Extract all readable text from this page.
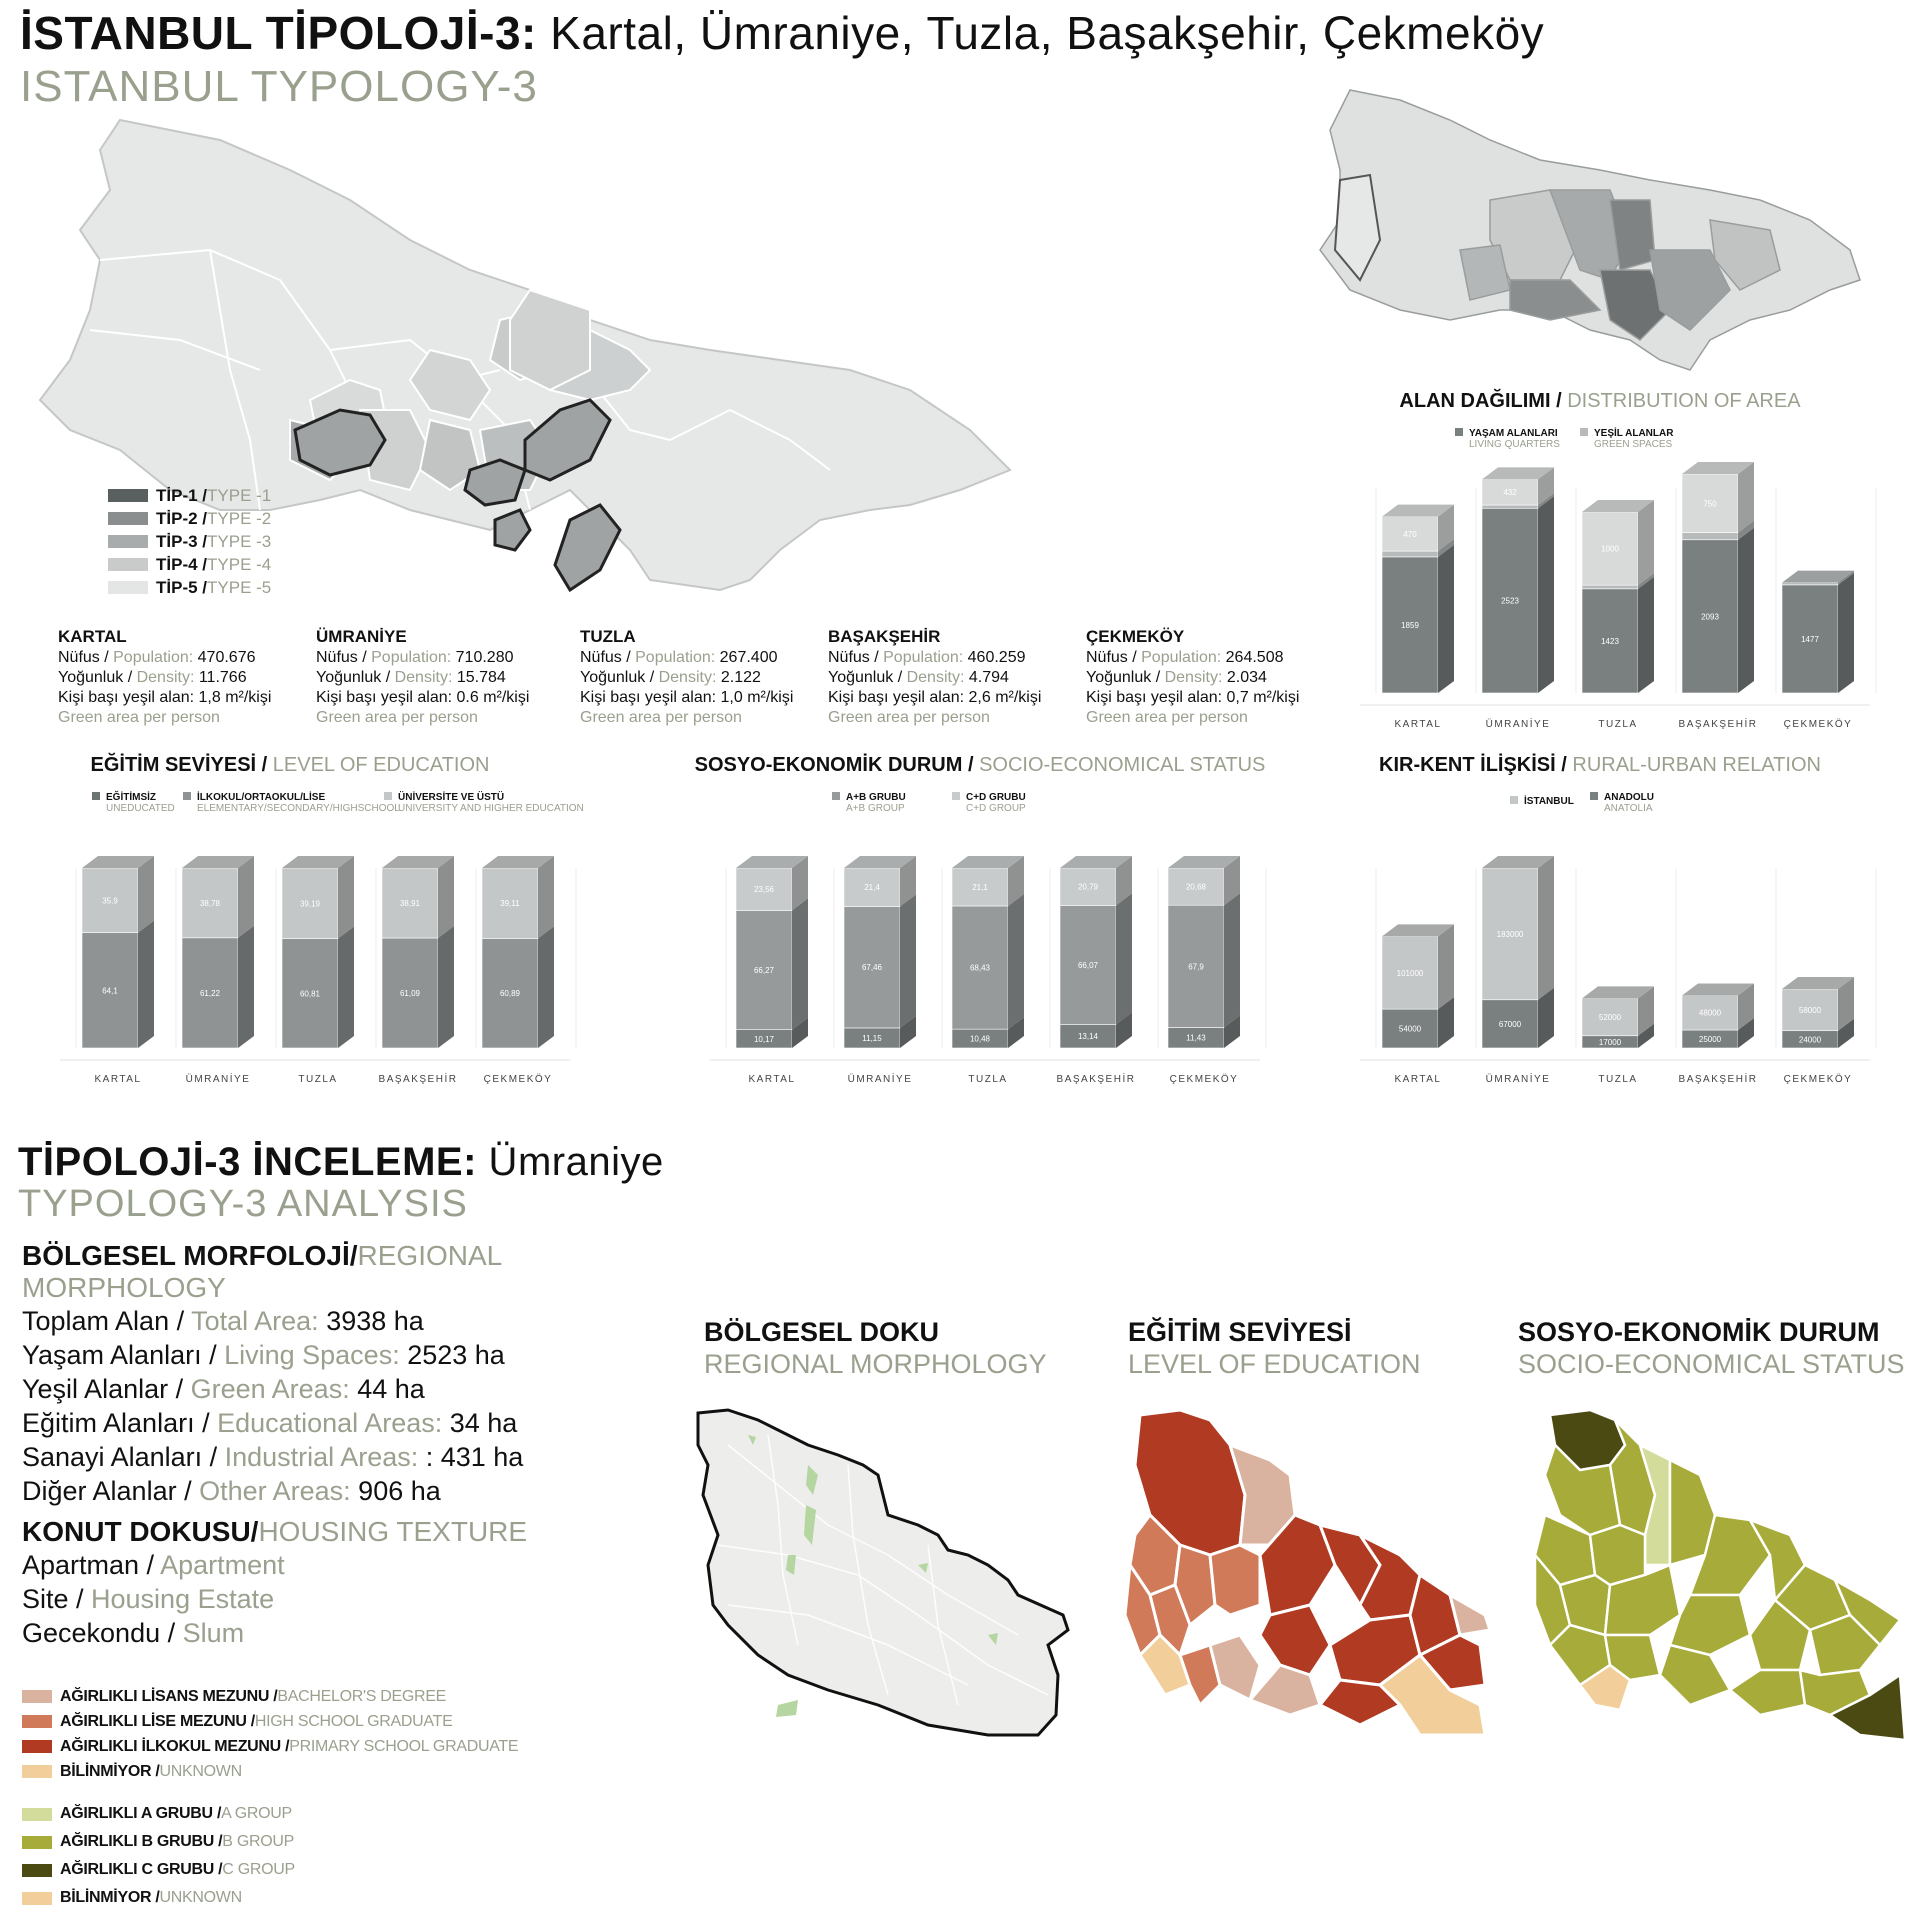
İSTANBUL TİPOLOJİ-3: Kartal, Ümraniye, Tuzla, Başakşehir, Çekmeköy
ISTANBUL TYPOLOGY-3
TİP-1 / TYPE -1
TİP-2 / TYPE -2
TİP-3 / TYPE -3
TİP-4 / TYPE -4
TİP-5 / TYPE -5
KARTAL
Nüfus / Population: 470.676
Yoğunluk / Density: 11.766
Kişi başı yeşil alan: 1,8 m²/kişi
Green area per person
ÜMRANİYE
Nüfus / Population: 710.280
Yoğunluk / Density: 15.784
Kişi başı yeşil alan: 0.6 m²/kişi
Green area per person
TUZLA
Nüfus / Population: 267.400
Yoğunluk / Density: 2.122
Kişi başı yeşil alan: 1,0 m²/kişi
Green area per person
BAŞAKŞEHİR
Nüfus / Population: 460.259
Yoğunluk / Density: 4.794
Kişi başı yeşil alan: 2,6 m²/kişi
Green area per person
ÇEKMEKÖY
Nüfus / Population: 264.508
Yoğunluk / Density: 2.034
Kişi başı yeşil alan: 0,7 m²/kişi
Green area per person
ALAN DAĞILIMI / DISTRIBUTION OF AREA
YAŞAM ALANLARI
LIVING QUARTERS
YEŞİL ALANLAR
GREEN SPACES
1859
470
KARTAL
2523
432
ÜMRANİYE
1423
1000
TUZLA
2093
750
BAŞAKŞEHİR
1477
ÇEKMEKÖY
EĞİTİM SEVİYESİ / LEVEL OF EDUCATION
EĞİTİMSİZ
UNEDUCATED
İLKOKUL/ORTAOKUL/LİSE
ELEMENTARY/SECONDARY/HIGHSCHOOL
ÜNİVERSİTE VE ÜSTÜ
UNIVERSITY AND HIGHER EDUCATION
64,1
35,9
KARTAL
61,22
38,78
ÜMRANİYE
60,81
39,19
TUZLA
61,09
38,91
BAŞAKŞEHİR
60,89
39,11
ÇEKMEKÖY
SOSYO-EKONOMİK DURUM / SOCIO-ECONOMICAL STATUS
A+B GRUBU
A+B GROUP
C+D GRUBU
C+D GROUP
10,17
66,27
23,56
KARTAL
11,15
67,46
21,4
ÜMRANİYE
10,48
68,43
21,1
TUZLA
13,14
66,07
20,79
BAŞAKŞEHİR
11,43
67,9
20,68
ÇEKMEKÖY
KIR-KENT İLİŞKİSİ / RURAL-URBAN RELATION
İSTANBUL	ANADOLU
ANATOLIA
54000
101000
KARTAL
67000
183000
ÜMRANİYE
17000
52000
TUZLA
25000
48000
BAŞAKŞEHİR
24000
58000
ÇEKMEKÖY
TİPOLOJİ-3 İNCELEME: Ümraniye
TYPOLOGY-3 ANALYSIS
BÖLGESEL MORFOLOJİ/REGIONAL MORPHOLOGY
Toplam Alan / Total Area: 3938 ha
Yaşam Alanları / Living Spaces: 2523 ha
Yeşil Alanlar / Green Areas: 44 ha
Eğitim Alanları / Educational Areas: 34 ha
Sanayi Alanları / Industrial Areas: : 431 ha
Diğer Alanlar / Other Areas: 906 ha
KONUT DOKUSU/HOUSING TEXTURE
Apartman / Apartment
Site / Housing Estate
Gecekondu / Slum
AĞIRLIKLI LİSANS MEZUNU / BACHELOR'S DEGREE
AĞIRLIKLI LİSE MEZUNU / HIGH SCHOOL GRADUATE
AĞIRLIKLI İLKOKUL MEZUNU / PRIMARY SCHOOL GRADUATE
BİLİNMİYOR / UNKNOWN
AĞIRLIKLI A GRUBU / A GROUP
AĞIRLIKLI B GRUBU / B GROUP
AĞIRLIKLI C GRUBU / C GROUP
BİLİNMİYOR / UNKNOWN
BÖLGESEL DOKU
REGIONAL MORPHOLOGY
EĞİTİM SEVİYESİ
LEVEL OF EDUCATION
SOSYO-EKONOMİK DURUM
SOCIO-ECONOMICAL STATUS
